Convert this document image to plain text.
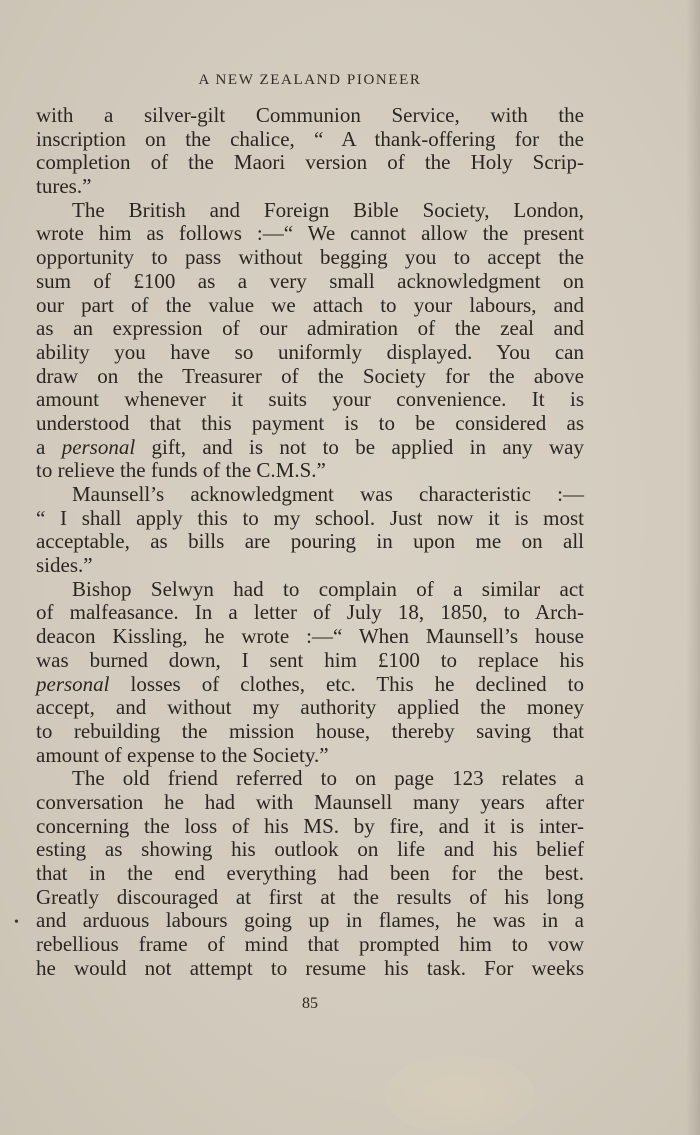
A NEW ZEALAND PIONEER
with a silver-gilt Communion Service, with the
inscription on the chalice, “ A thank-offering for the
completion of the Maori version of the Holy Scrip-
tures.”
The British and Foreign Bible Society, London,
wrote him as follows :—“ We cannot allow the present
opportunity to pass without begging you to accept the
sum of £100 as a very small acknowledgment on
our part of the value we attach to your labours, and
as an expression of our admiration of the zeal and
ability you have so uniformly displayed. You can
draw on the Treasurer of the Society for the above
amount whenever it suits your convenience. It is
understood that this payment is to be considered as
a personal gift, and is not to be applied in any way
to relieve the funds of the C.M.S.”
Maunsell’s acknowledgment was characteristic :—
“ I shall apply this to my school. Just now it is most
acceptable, as bills are pouring in upon me on all
sides.”
Bishop Selwyn had to complain of a similar act
of malfeasance. In a letter of July 18, 1850, to Arch-
deacon Kissling, he wrote :—“ When Maunsell’s house
was burned down, I sent him £100 to replace his
personal losses of clothes, etc. This he declined to
accept, and without my authority applied the money
to rebuilding the mission house, thereby saving that
amount of expense to the Society.”
The old friend referred to on page 123 relates a
conversation he had with Maunsell many years after
concerning the loss of his MS. by fire, and it is inter-
esting as showing his outlook on life and his belief
that in the end everything had been for the best.
Greatly discouraged at first at the results of his long
and arduous labours going up in flames, he was in a
rebellious frame of mind that prompted him to vow
he would not attempt to resume his task. For weeks
•
85
